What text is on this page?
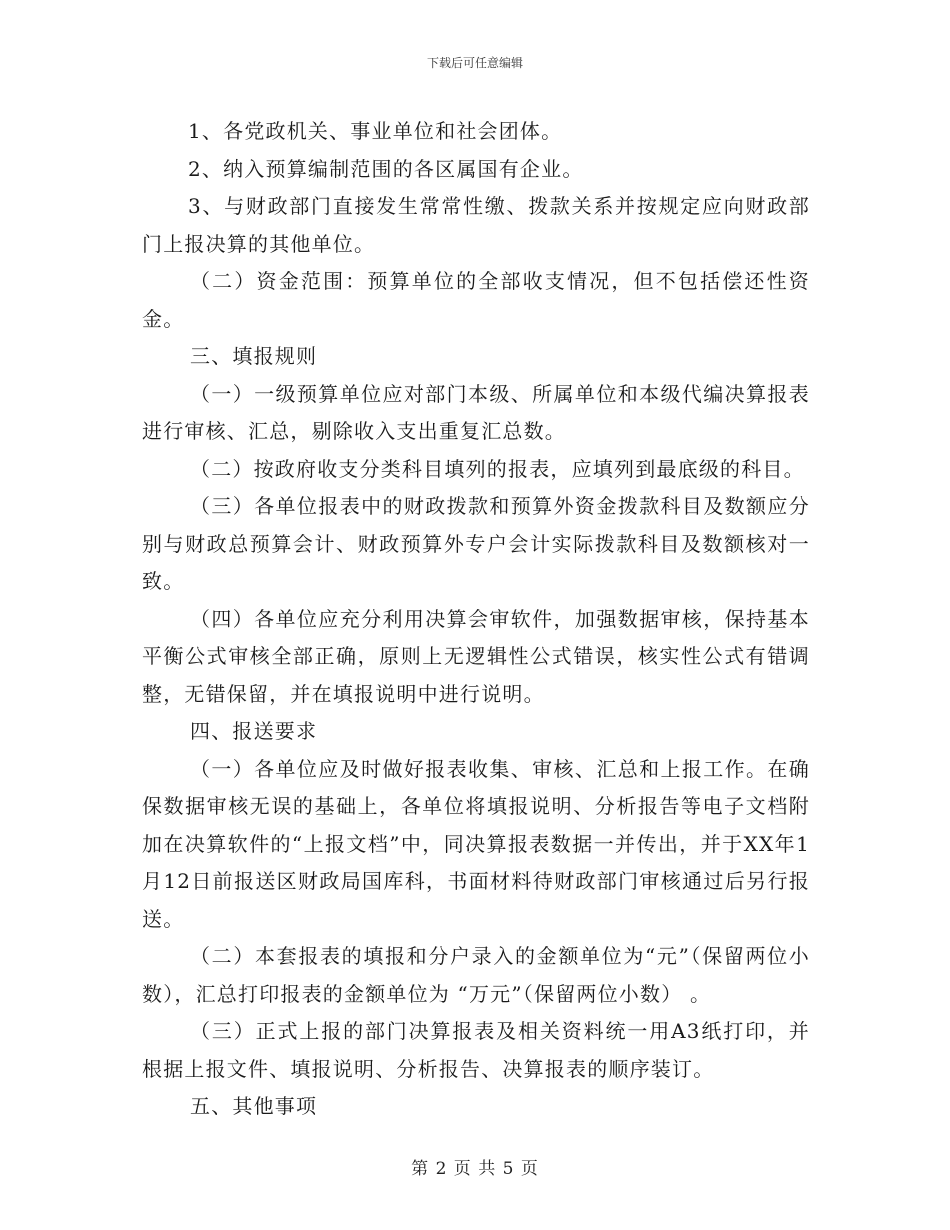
下载后可任意编辑

1、各党政机关、事业单位和社会团体。

2、纳入预算编制范围的各区属国有企业。

3、与财政部门直接发生常常性缴、拨款关系并按规定应向财政部门上报决算的其他单位。

（二）资金范围：预算单位的全部收支情况，但不包括偿还性资金。

三、填报规则

（一）一级预算单位应对部门本级、所属单位和本级代编决算报表进行审核、汇总，剔除收入支出重复汇总数。

（二）按政府收支分类科目填列的报表，应填列到最底级的科目。

（三）各单位报表中的财政拨款和预算外资金拨款科目及数额应分别与财政总预算会计、财政预算外专户会计实际拨款科目及数额核对一致。

（四）各单位应充分利用决算会审软件，加强数据审核，保持基本平衡公式审核全部正确，原则上无逻辑性公式错误，核实性公式有错调整，无错保留，并在填报说明中进行说明。

四、报送要求

（一）各单位应及时做好报表收集、审核、汇总和上报工作。在确保数据审核无误的基础上，各单位将填报说明、分析报告等电子文档附加在决算软件的“上报文档”中，同决算报表数据一并传出，并于XX年1月12日前报送区财政局国库科，书面材料待财政部门审核通过后另行报送。

（二）本套报表的填报和分户录入的金额单位为“元”（保留两位小数），汇总打印报表的金额单位为 “万元”（保留两位小数） 。

（三）正式上报的部门决算报表及相关资料统一用A3纸打印，并根据上报文件、填报说明、分析报告、决算报表的顺序装订。

五、其他事项

第 2 页 共 5 页
